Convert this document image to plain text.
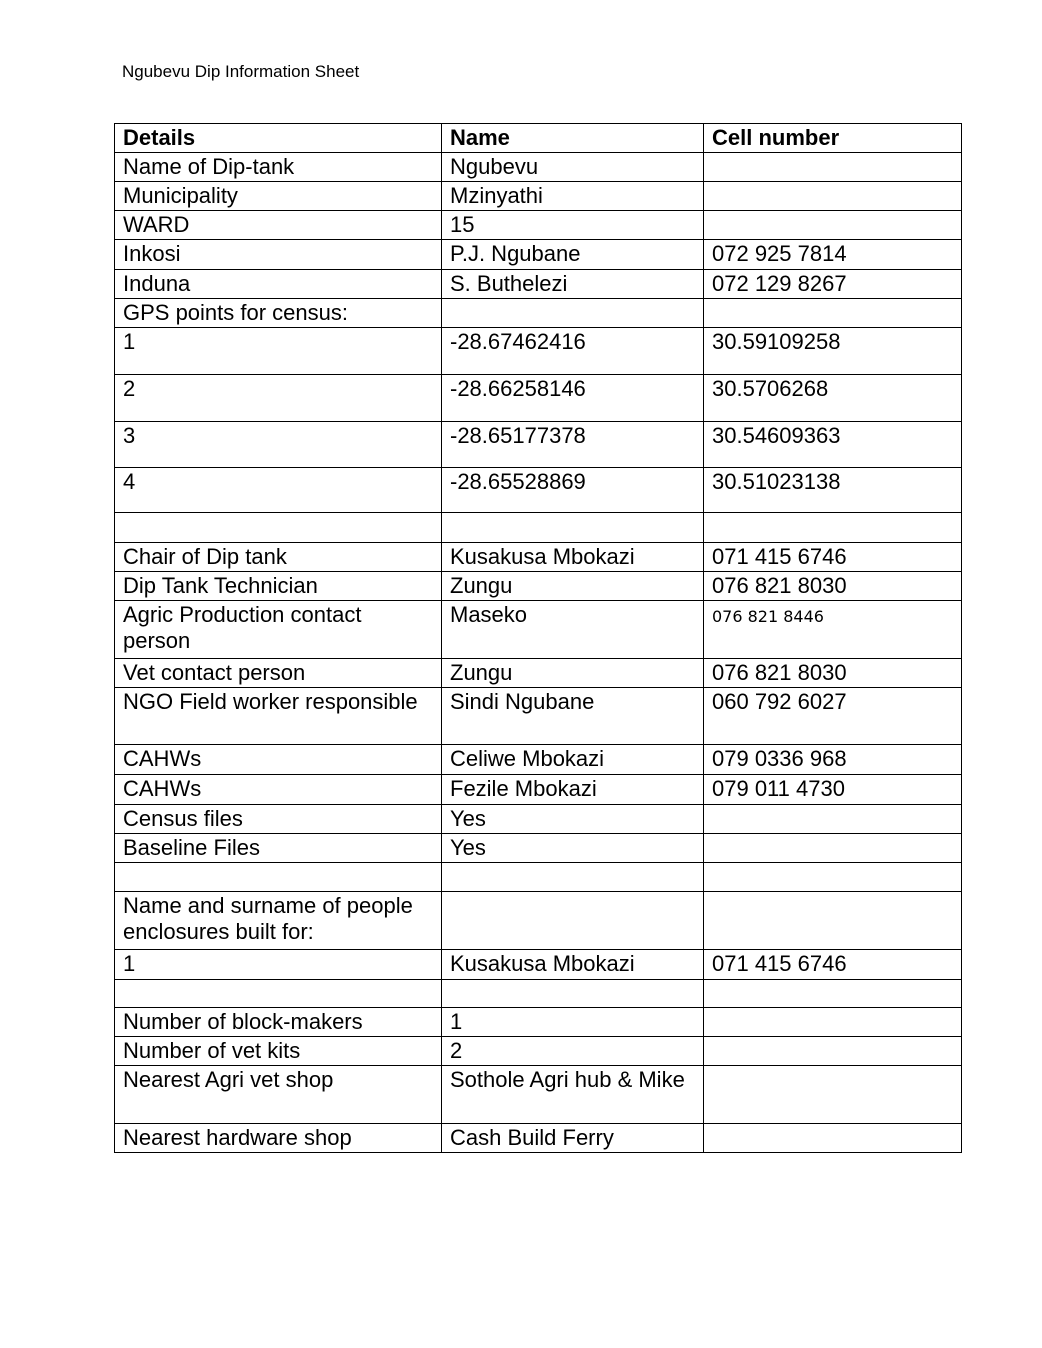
Ngubevu Dip Information Sheet
Details	Name	Cell number
Name of Dip-tank	Ngubevu	
Municipality	Mzinyathi	
WARD	15	
Inkosi	P.J. Ngubane	072 925 7814
Induna	S. Buthelezi	072 129 8267
GPS points for census:		
1	-28.67462416	30.59109258
2	-28.66258146	30.5706268
3	-28.65177378	30.54609363
4	-28.65528869	30.51023138

Chair of Dip tank	Kusakusa Mbokazi	071 415 6746
Dip Tank Technician	Zungu	076 821 8030
Agric Production contact person	Maseko	076 821 8446
Vet contact person	Zungu	076 821 8030
NGO Field worker responsible	Sindi Ngubane	060 792 6027
CAHWs	Celiwe Mbokazi	079 0336 968
CAHWs	Fezile Mbokazi	079 011 4730
Census files	Yes	
Baseline Files	Yes	

Name and surname of people enclosures built for:		
1	Kusakusa Mbokazi	071 415 6746

Number of block-makers	1	
Number of vet kits	2	
Nearest Agri vet shop	Sothole Agri hub & Mike	
Nearest hardware shop	Cash Build Ferry	
